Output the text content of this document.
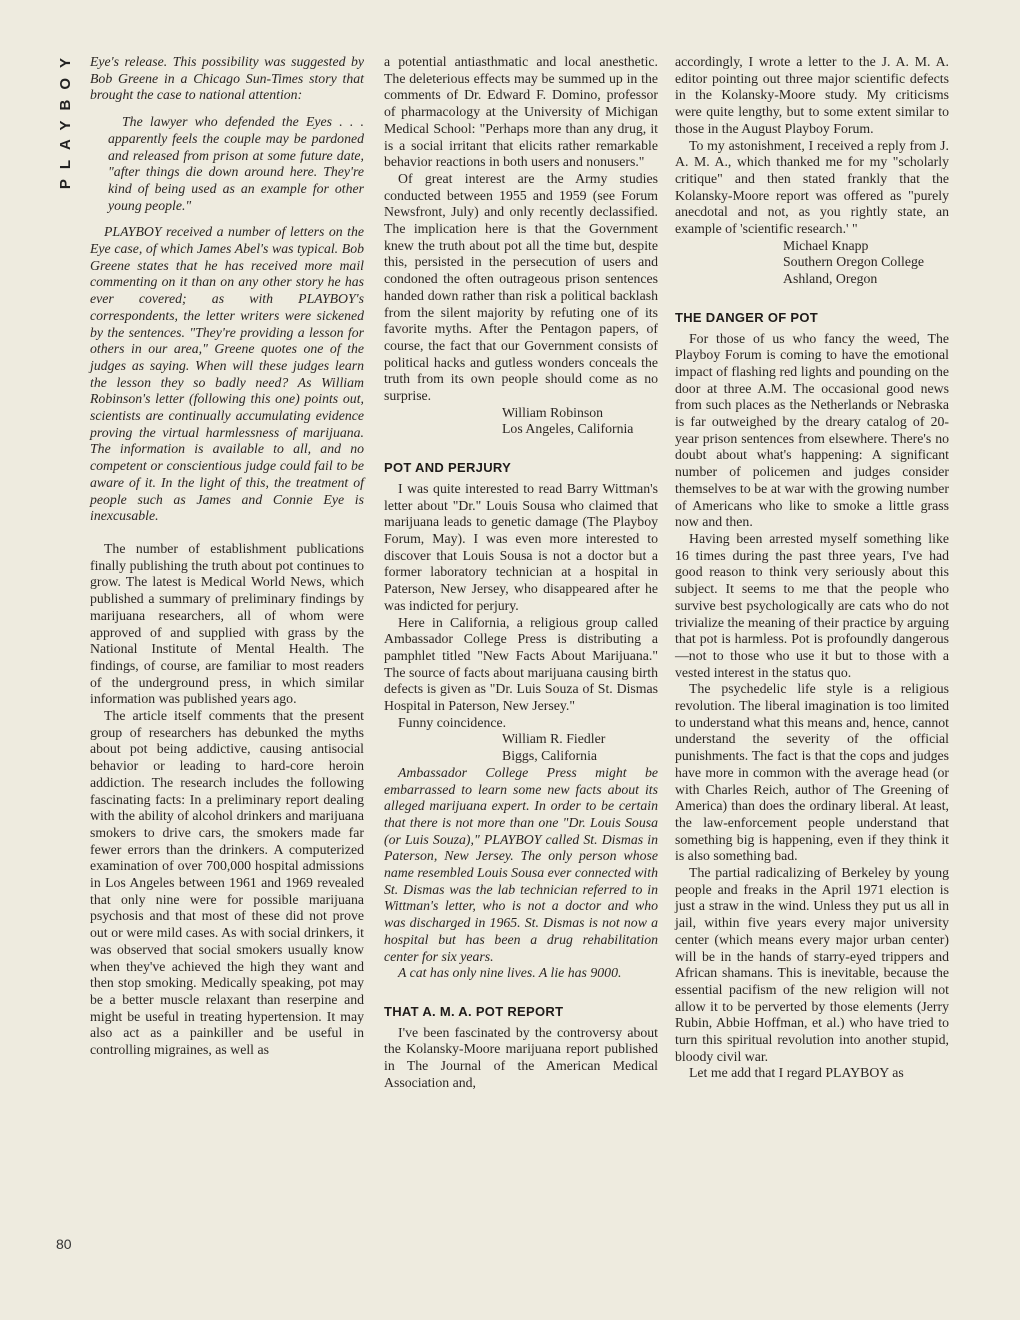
PLAYBOY
80

Eye's release. This possibility was suggested by Bob Greene in a Chicago Sun-Times story that brought the case to national attention:

The lawyer who defended the Eyes . . . apparently feels the couple may be pardoned and released from prison at some future date, "after things die down around here. They're kind of being used as an example for other young people."

PLAYBOY received a number of letters on the Eye case, of which James Abel's was typical. Bob Greene states that he has received more mail commenting on it than on any other story he has ever covered; as with PLAYBOY's correspondents, the letter writers were sickened by the sentences. "They're providing a lesson for others in our area," Greene quotes one of the judges as saying. When will these judges learn the lesson they so badly need? As William Robinson's letter (following this one) points out, scientists are continually accumulating evidence proving the virtual harmlessness of marijuana. The information is available to all, and no competent or conscientious judge could fail to be aware of it. In the light of this, the treatment of people such as James and Connie Eye is inexcusable.

The number of establishment publications finally publishing the truth about pot continues to grow. The latest is Medical World News, which published a summary of preliminary findings by marijuana researchers, all of whom were approved of and supplied with grass by the National Institute of Mental Health. The findings, of course, are familiar to most readers of the underground press, in which similar information was published years ago.

The article itself comments that the present group of researchers has debunked the myths about pot being addictive, causing antisocial behavior or leading to hard-core heroin addiction. The research includes the following fascinating facts: In a preliminary report dealing with the ability of alcohol drinkers and marijuana smokers to drive cars, the smokers made far fewer errors than the drinkers. A computerized examination of over 700,000 hospital admissions in Los Angeles between 1961 and 1969 revealed that only nine were for possible marijuana psychosis and that most of these did not prove out or were mild cases. As with social drinkers, it was observed that social smokers usually know when they've achieved the high they want and then stop smoking. Medically speaking, pot may be a better muscle relaxant than reserpine and might be useful in treating hypertension. It may also act as a painkiller and be useful in controlling migraines, as well as

a potential antiasthmatic and local anesthetic. The deleterious effects may be summed up in the comments of Dr. Edward F. Domino, professor of pharmacology at the University of Michigan Medical School: "Perhaps more than any drug, it is a social irritant that elicits rather remarkable behavior reactions in both users and nonusers."

Of great interest are the Army studies conducted between 1955 and 1959 (see Forum Newsfront, July) and only recently declassified. The implication here is that the Government knew the truth about pot all the time but, despite this, persisted in the persecution of users and condoned the often outrageous prison sentences handed down rather than risk a political backlash from the silent majority by refuting one of its favorite myths. After the Pentagon papers, of course, the fact that our Government consists of political hacks and gutless wonders conceals the truth from its own people should come as no surprise.

William Robinson

Los Angeles, California

POT AND PERJURY

I was quite interested to read Barry Wittman's letter about "Dr." Louis Sousa who claimed that marijuana leads to genetic damage (The Playboy Forum, May). I was even more interested to discover that Louis Sousa is not a doctor but a former laboratory technician at a hospital in Paterson, New Jersey, who disappeared after he was indicted for perjury.

Here in California, a religious group called Ambassador College Press is distributing a pamphlet titled "New Facts About Marijuana." The source of facts about marijuana causing birth defects is given as "Dr. Luis Souza of St. Dismas Hospital in Paterson, New Jersey."

Funny coincidence.

William R. Fiedler

Biggs, California

Ambassador College Press might be embarrassed to learn some new facts about its alleged marijuana expert. In order to be certain that there is not more than one "Dr. Louis Sousa (or Luis Souza)," PLAYBOY called St. Dismas in Paterson, New Jersey. The only person whose name resembled Louis Sousa ever connected with St. Dismas was the lab technician referred to in Wittman's letter, who is not a doctor and who was discharged in 1965. St. Dismas is not now a hospital but has been a drug rehabilitation center for six years.

A cat has only nine lives. A lie has 9000.

THAT A. M. A. POT REPORT

I've been fascinated by the controversy about the Kolansky-Moore marijuana report published in The Journal of the American Medical Association and,

accordingly, I wrote a letter to the J. A. M. A. editor pointing out three major scientific defects in the Kolansky-Moore study. My criticisms were quite lengthy, but to some extent similar to those in the August Playboy Forum.

To my astonishment, I received a reply from J. A. M. A., which thanked me for my "scholarly critique" and then stated frankly that the Kolansky-Moore report was offered as "purely anecdotal and not, as you rightly state, an example of 'scientific research.' "

Michael Knapp

Southern Oregon College

Ashland, Oregon

THE DANGER OF POT

For those of us who fancy the weed, The Playboy Forum is coming to have the emotional impact of flashing red lights and pounding on the door at three A.M. The occasional good news from such places as the Netherlands or Nebraska is far outweighed by the dreary catalog of 20-year prison sentences from elsewhere. There's no doubt about what's happening: A significant number of policemen and judges consider themselves to be at war with the growing number of Americans who like to smoke a little grass now and then.

Having been arrested myself something like 16 times during the past three years, I've had good reason to think very seriously about this subject. It seems to me that the people who survive best psychologically are cats who do not trivialize the meaning of their practice by arguing that pot is harmless. Pot is profoundly dangerous—not to those who use it but to those with a vested interest in the status quo.

The psychedelic life style is a religious revolution. The liberal imagination is too limited to understand what this means and, hence, cannot understand the severity of the official punishments. The fact is that the cops and judges have more in common with the average head (or with Charles Reich, author of The Greening of America) than does the ordinary liberal. At least, the law-enforcement people understand that something big is happening, even if they think it is also something bad.

The partial radicalizing of Berkeley by young people and freaks in the April 1971 election is just a straw in the wind. Unless they put us all in jail, within five years every major university center (which means every major urban center) will be in the hands of starry-eyed trippers and African shamans. This is inevitable, because the essential pacifism of the new religion will not allow it to be perverted by those elements (Jerry Rubin, Abbie Hoffman, et al.) who have tried to turn this spiritual revolution into another stupid, bloody civil war.

Let me add that I regard PLAYBOY as
